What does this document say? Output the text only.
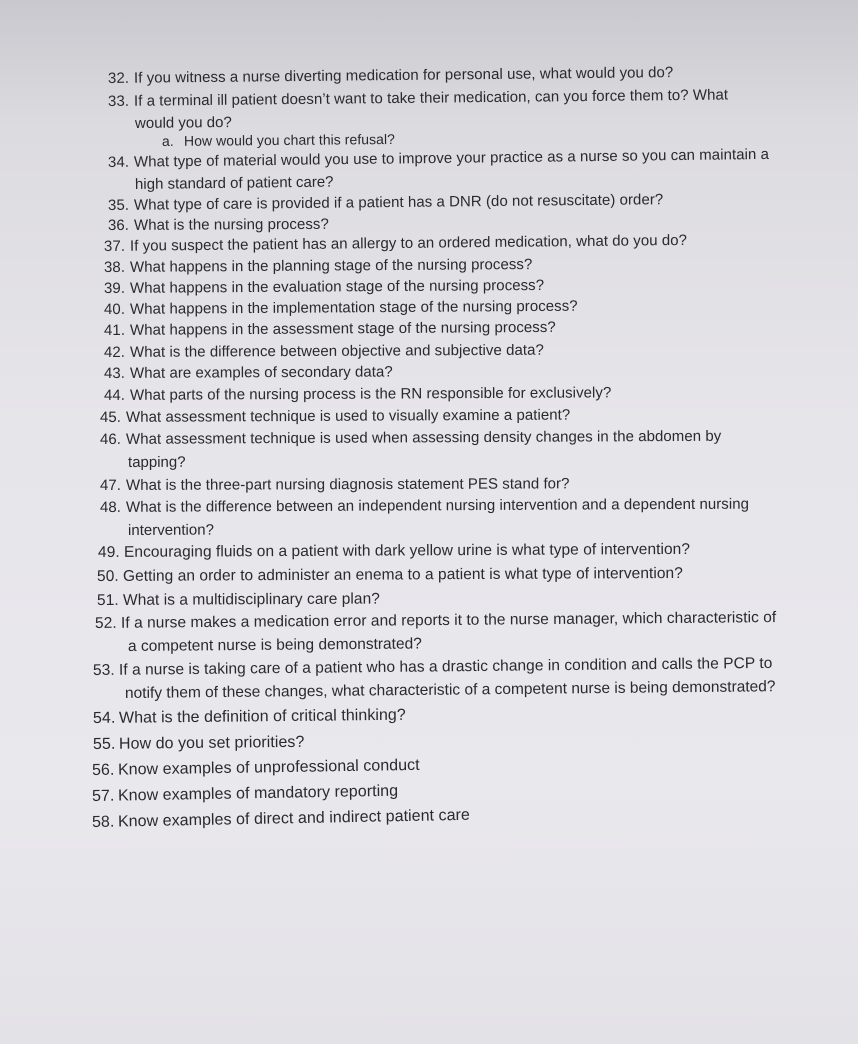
32. If you witness a nurse diverting medication for personal use, what would you do?
33. If a terminal ill patient doesn’t want to take their medication, can you force them to? What
would you do?
a. How would you chart this refusal?
34. What type of material would you use to improve your practice as a nurse so you can maintain a
high standard of patient care?
35. What type of care is provided if a patient has a DNR (do not resuscitate) order?
36. What is the nursing process?
37. If you suspect the patient has an allergy to an ordered medication, what do you do?
38. What happens in the planning stage of the nursing process?
39. What happens in the evaluation stage of the nursing process?
40. What happens in the implementation stage of the nursing process?
41. What happens in the assessment stage of the nursing process?
42. What is the difference between objective and subjective data?
43. What are examples of secondary data?
44. What parts of the nursing process is the RN responsible for exclusively?
45. What assessment technique is used to visually examine a patient?
46. What assessment technique is used when assessing density changes in the abdomen by
tapping?
47. What is the three-part nursing diagnosis statement PES stand for?
48. What is the difference between an independent nursing intervention and a dependent nursing
intervention?
49. Encouraging fluids on a patient with dark yellow urine is what type of intervention?
50. Getting an order to administer an enema to a patient is what type of intervention?
51. What is a multidisciplinary care plan?
52. If a nurse makes a medication error and reports it to the nurse manager, which characteristic of
a competent nurse is being demonstrated?
53. If a nurse is taking care of a patient who has a drastic change in condition and calls the PCP to
notify them of these changes, what characteristic of a competent nurse is being demonstrated?
54. What is the definition of critical thinking?
55. How do you set priorities?
56. Know examples of unprofessional conduct
57. Know examples of mandatory reporting
58. Know examples of direct and indirect patient care
